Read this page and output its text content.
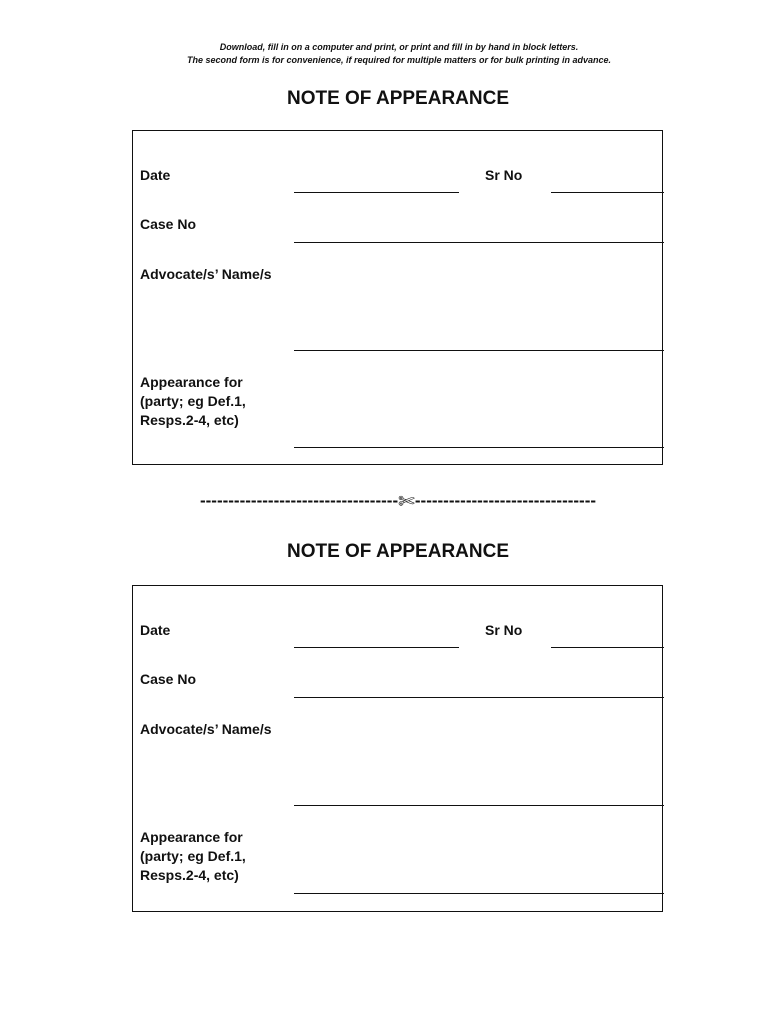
Download, fill in on a computer and print, or print and fill in by hand in block letters.
The second form is for convenience, if required for multiple matters or for bulk printing in advance.
NOTE OF APPEARANCE
Date	Sr No
Case No
Advocate/s’ Name/s
Appearance for
(party; eg Def.1,
Resps.2-4, etc)
-----------------------------------✄--------------------------------
NOTE OF APPEARANCE
Date	Sr No
Case No
Advocate/s’ Name/s
Appearance for
(party; eg Def.1,
Resps.2-4, etc)
